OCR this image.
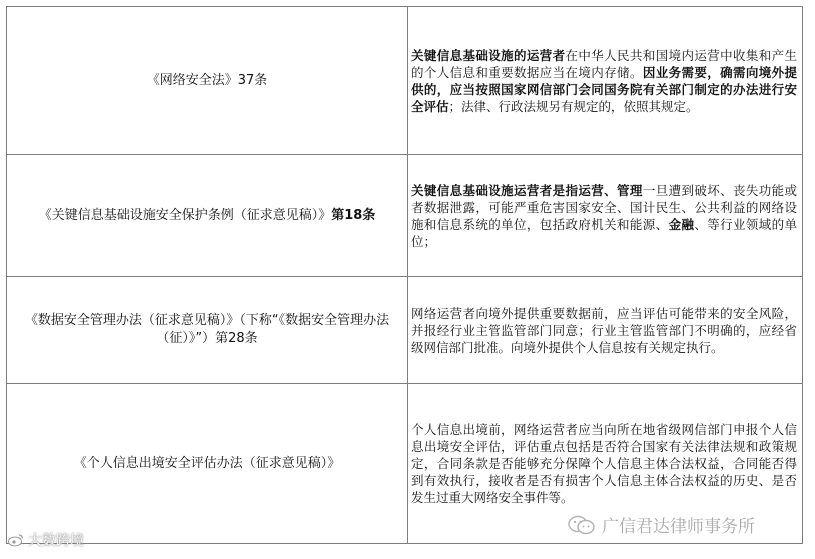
《网络安全法》37条	关键信息基础设施的运营者在中华人民共和国境内运营中收集和产生的个人信息和重要数据应当在境内存储。因业务需要，确需向境外提供的，应当按照国家网信部门会同国务院有关部门制定的办法进行安全评估；法律、行政法规另有规定的，依照其规定。

《关键信息基础设施安全保护条例（征求意见稿）》第18条	关键信息基础设施运营者是指运营、管理一旦遭到破坏、丧失功能或者数据泄露，可能严重危害国家安全、国计民生、公共利益的网络设施和信息系统的单位，包括政府机关和能源、金融、等行业领域的单位；

《数据安全管理办法（征求意见稿）》（下称“《数据安全管理办法（征）》”）第28条	网络运营者向境外提供重要数据前，应当评估可能带来的安全风险，并报经行业主管监管部门同意；行业主管监管部门不明确的，应经省级网信部门批准。向境外提供个人信息按有关规定执行。

《个人信息出境安全评估办法（征求意见稿）》	个人信息出境前，网络运营者应当向所在地省级网信部门申报个人信息出境安全评估，评估重点包括是否符合国家有关法律法规和政策规定，合同条款是否能够充分保障个人信息主体合法权益，合同能否得到有效执行，接收者是否有损害个人信息主体合法权益的历史、是否发生过重大网络安全事件等。
广信君达律师事务所
大数跨境
